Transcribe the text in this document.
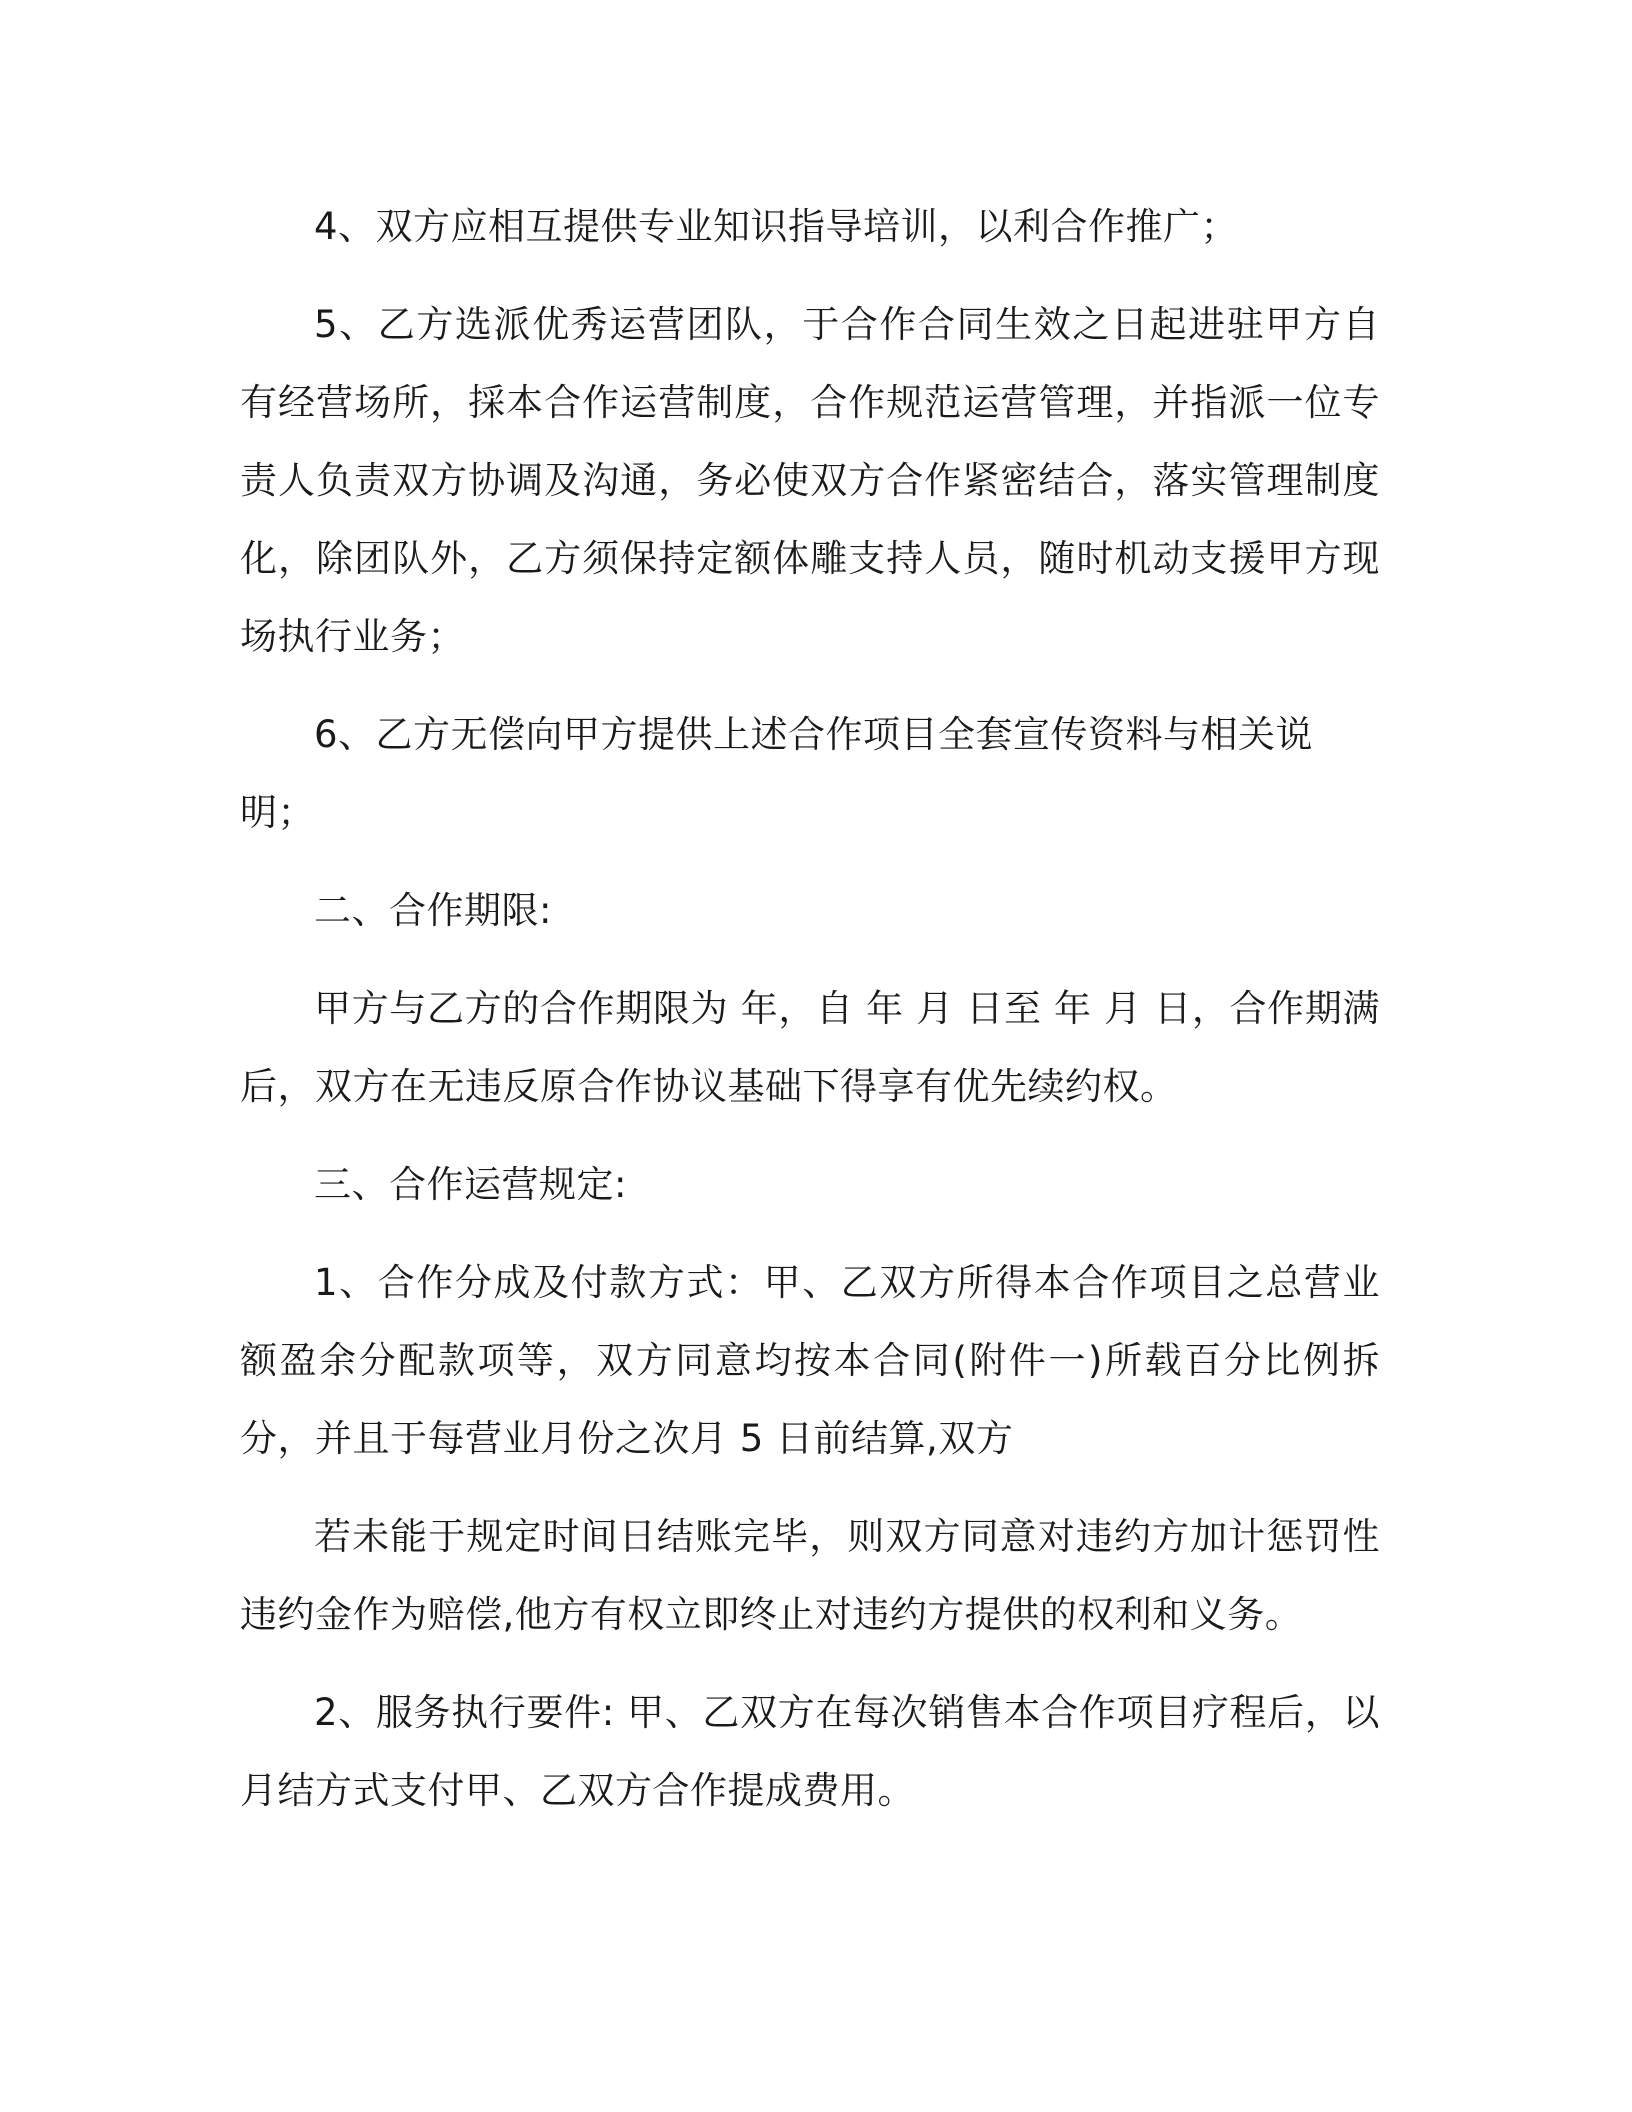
4、双方应相互提供专业知识指导培训，以利合作推广；

5、乙方选派优秀运营团队，于合作合同生效之日起进驻甲方自有经营场所，採本合作运营制度，合作规范运营管理，并指派一位专责人负责双方协调及沟通，务必使双方合作紧密结合，落实管理制度化，除团队外，乙方须保持定额体雕支持人员，随时机动支援甲方现场执行业务；

6、乙方无偿向甲方提供上述合作项目全套宣传资料与相关说明；

二、合作期限:

甲方与乙方的合作期限为 年，自 年 月 日至 年 月 日，合作期满后，双方在无违反原合作协议基础下得享有优先续约权。

三、合作运营规定:

1、合作分成及付款方式：甲、乙双方所得本合作项目之总营业额盈余分配款项等，双方同意均按本合同(附件一)所载百分比例拆分，并且于每营业月份之次月 5 日前结算,双方

若未能于规定时间日结账完毕，则双方同意对违约方加计惩罚性违约金作为赔偿,他方有权立即终止对违约方提供的权利和义务。

2、服务执行要件: 甲、乙双方在每次销售本合作项目疗程后，以月结方式支付甲、乙双方合作提成费用。
